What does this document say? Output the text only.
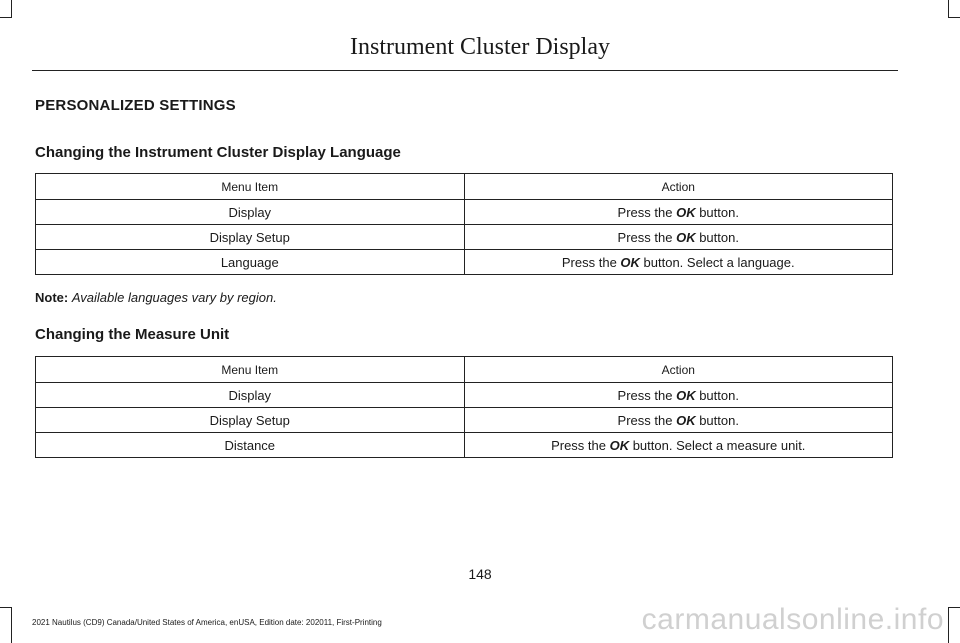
Instrument Cluster Display
PERSONALIZED SETTINGS
Changing the Instrument Cluster Display Language
Menu Item	Action
Display	Press the OK button.
Display Setup	Press the OK button.
Language	Press the OK button. Select a language.
Note: Available languages vary by region.
Changing the Measure Unit
Menu Item	Action
Display	Press the OK button.
Display Setup	Press the OK button.
Distance	Press the OK button. Select a measure unit.
148
2021 Nautilus (CD9) Canada/United States of America, enUSA, Edition date: 202011, First-Printing	carmanualsonline.info
